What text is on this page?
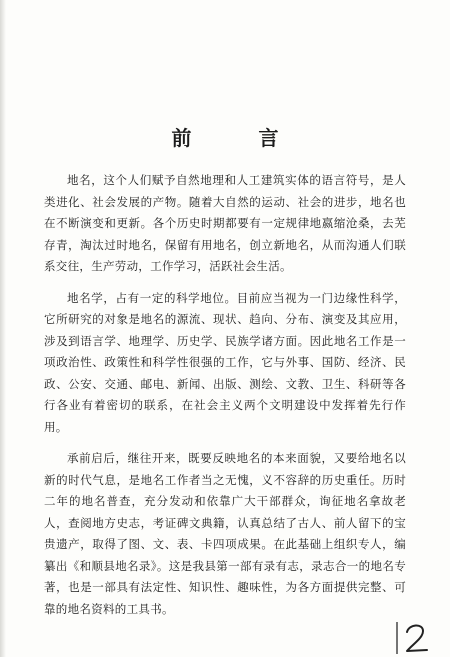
前 言

地名，这个人们赋予自然地理和人工建筑实体的语言符号，是人类进化、社会发展的产物。随着大自然的运动、社会的进步，地名也在不断演变和更新。各个历史时期都要有一定规律地嬴缩沧桑，去芜存青，淘汰过时地名，保留有用地名，创立新地名，从而沟通人们联系交往，生产劳动，工作学习，活跃社会生活。

地名学，占有一定的科学地位。目前应当视为一门边缘性科学，它所研究的对象是地名的源流、现状、趋向、分布、演变及其应用，涉及到语言学、地理学、历史学、民族学诸方面。因此地名工作是一项政治性、政策性和科学性很强的工作，它与外事、国防、经济、民政、公安、交通、邮电、新闻、出版、测绘、文教、卫生、科研等各行各业有着密切的联系，在社会主义两个文明建设中发挥着先行作用。

承前启后，继往开来，既要反映地名的本来面貌，又要给地名以新的时代气息，是地名工作者当之无愧，义不容辞的历史重任。历时二年的地名普查，充分发动和依靠广大干部群众，询征地名拿故老人，查阅地方史志，考证碑文典籍，认真总结了古人、前人留下的宝贵遗产，取得了图、文、表、卡四项成果。在此基础上组织专人，编纂出《和顺县地名录》。这是我县第一部有录有志，录志合一的地名专著，也是一部具有法定性、知识性、趣味性，为各方面提供完整、可靠的地名资料的工具书。
